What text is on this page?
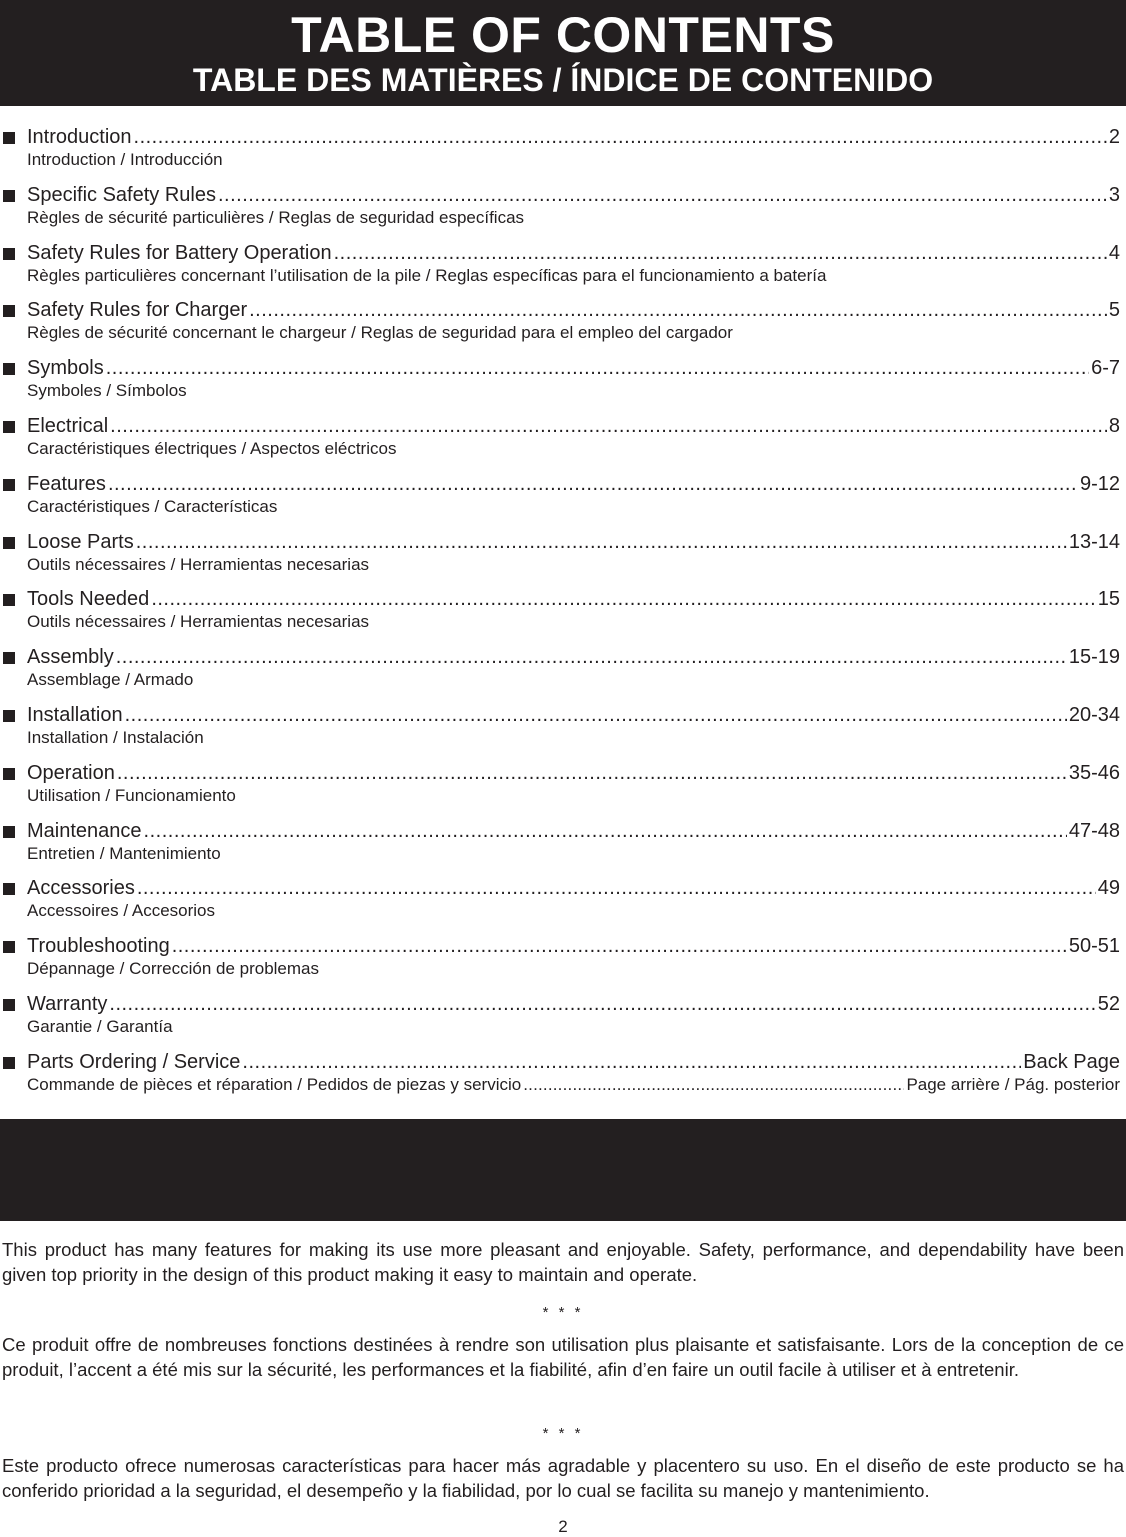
TABLE OF CONTENTS
TABLE DES MATIÈRES / ÍNDICE DE CONTENIDO
Introduction .....	2
Introduction / Introducción
Specific Safety Rules .....	3
Règles de sécurité particulières / Reglas de seguridad específicas
Safety Rules for Battery Operation .....	4
Règles particulières concernant l’utilisation de la pile / Reglas específicas para el funcionamiento a batería
Safety Rules for Charger .....	5
Règles de sécurité concernant le chargeur / Reglas de seguridad para el empleo del cargador
Symbols .....	6-7
Symboles / Símbolos
Electrical .....	8
Caractéristiques électriques / Aspectos eléctricos
Features .....	9-12
Caractéristiques / Características
Loose Parts .....	13-14
Outils nécessaires / Herramientas necesarias
Tools Needed .....	15
Outils nécessaires / Herramientas necesarias
Assembly .....	15-19
Assemblage / Armado
Installation .....	20-34
Installation / Instalación
Operation .....	35-46
Utilisation / Funcionamiento
Maintenance .....	47-48
Entretien / Mantenimiento
Accessories .....	49
Accessoires / Accesorios
Troubleshooting .....	50-51
Dépannage / Corrección de problemas
Warranty .....	52
Garantie / Garantía
Parts Ordering / Service .....	Back Page
Commande de pièces et réparation / Pedidos de piezas y servicio .....	Page arrière / Pág. posterior

This product has many features for making its use more pleasant and enjoyable. Safety, performance, and dependability have been given top priority in the design of this product making it easy to maintain and operate.

* * *

Ce produit offre de nombreuses fonctions destinées à rendre son utilisation plus plaisante et satisfaisante. Lors de la conception de ce produit, l’accent a été mis sur la sécurité, les performances et la fiabilité, afin d’en faire un outil facile à utiliser et à entretenir.

* * *

Este producto ofrece numerosas características para hacer más agradable y placentero su uso. En el diseño de este producto se ha conferido prioridad a la seguridad, el desempeño y la fiabilidad, por lo cual se facilita su manejo y mantenimiento.

2
